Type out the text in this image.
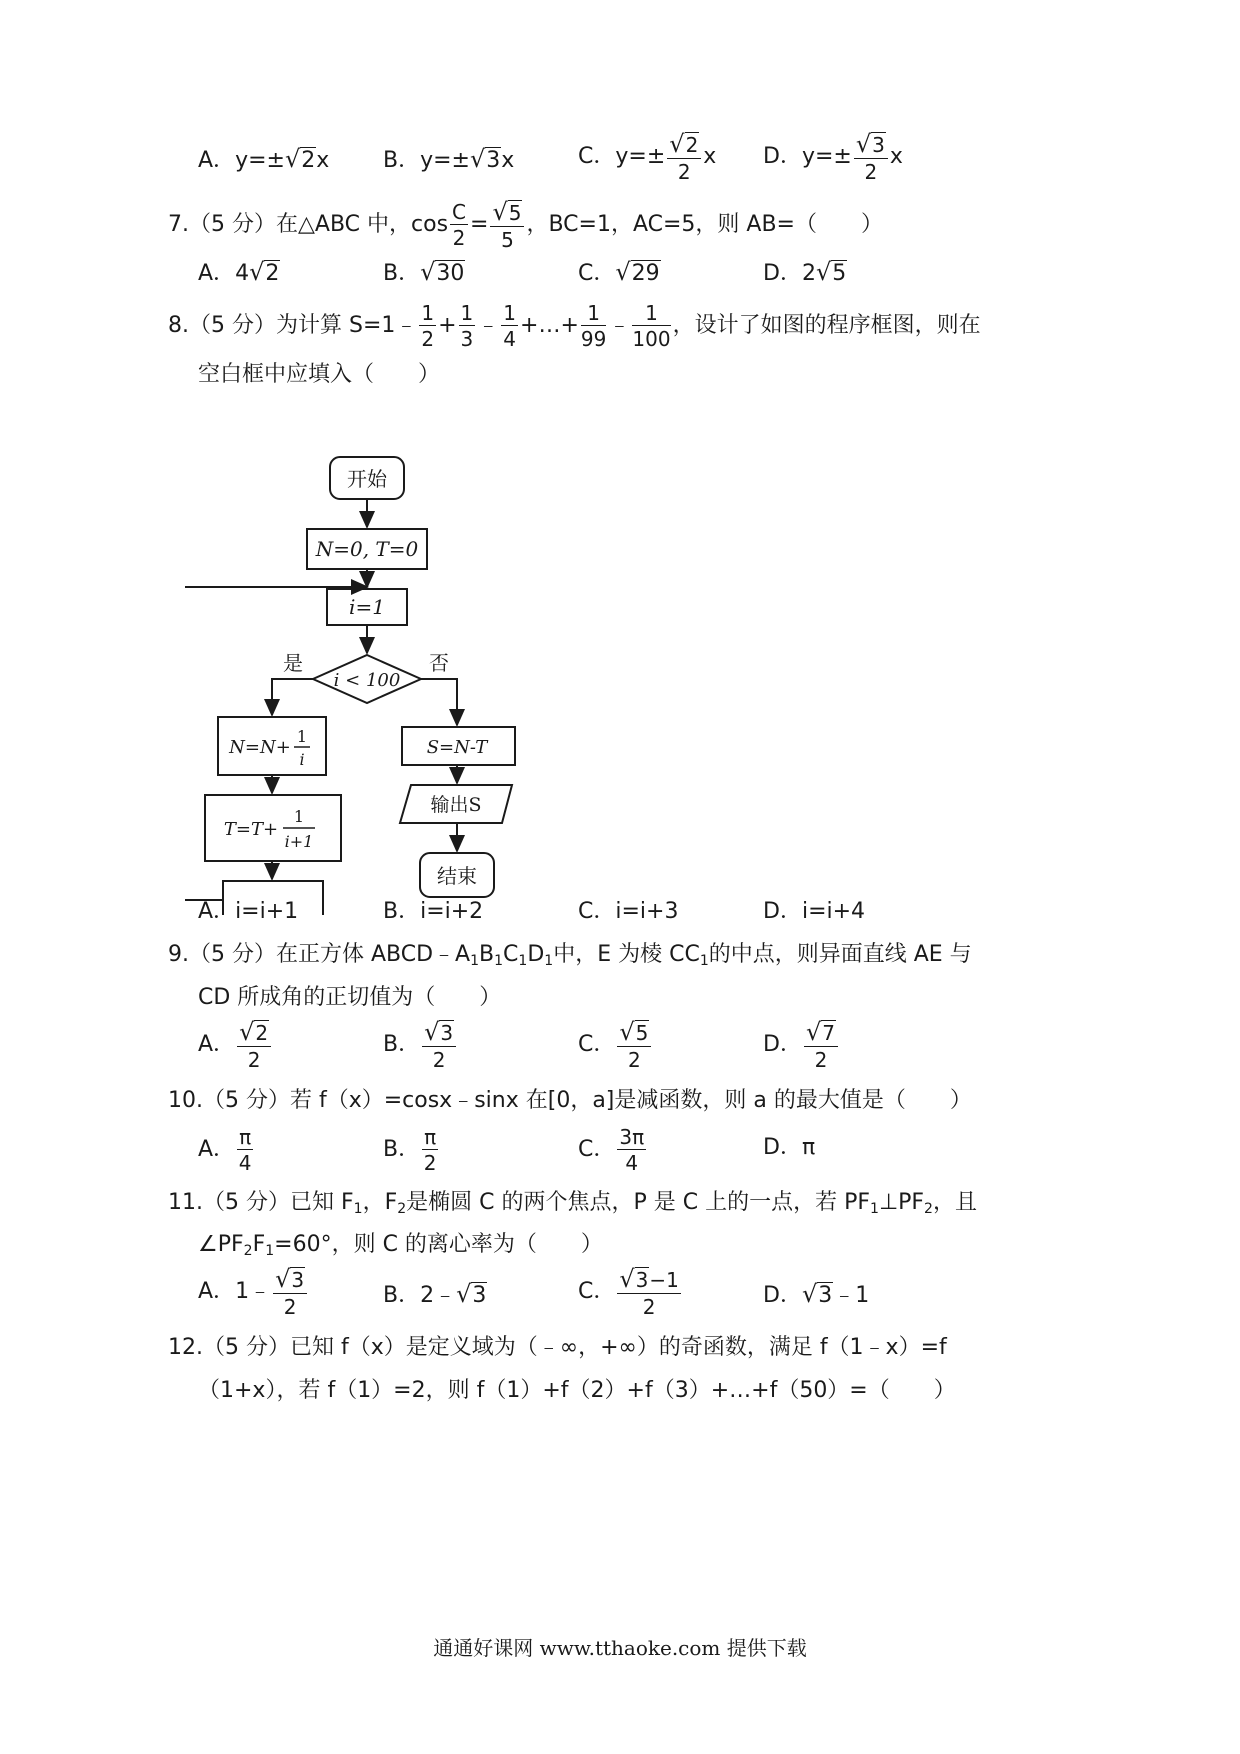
A．y=±√2x B．y=±√3x	C．$y=\pm \frac{√2}{2}$ x D．$y=\pm \frac{√3}{2}$ x
7.（5 分）在△ABC 中，$\cos \frac{C}{2} = \frac{√5}{5}$ ，BC=1，AC=5，则 AB=（　　）
A．4√2	B．√30	C．√29	D．2√5
8.（5 分）为计算 S=1﹣ $\frac{1}{2} + \frac{1}{3}$ ﹣ $\frac{1}{4}$ +…+ $\frac{1}{99}$ ﹣ $\frac{1}{100}$ ，设计了如图的程序框图，则在
空白框中应填入（　　）
开始
N=0, T=0
i=1
i < 100
是	否
N=N+
1
i
T=T+
1
i+1
S=N-T
输出S
结束
A．i=i+1	B．i=i+2	C．i=i+3	D．i=i+4
9.（5 分）在正方体 $ABCD﹣A_1B_1C_1D_1$中，E 为棱 $CC_1$的中点，则异面直线 AE 与
CD 所成角的正切值为（　　）
A． $\frac{√2}{2}$	B． $\frac{√3}{2}$	C． $\frac{√5}{2}$	D． $\frac{√7}{2}$
10.（5 分）若 f（x）=cosx﹣sinx 在[0，a]是减函数，则 a 的最大值是（　　）
A． $\frac{\pi}{4}$	B． $\frac{\pi}{2}$	C． $\frac{3\pi}{4}$	D．π
11.（5 分）已知 $F_1$，$F_2$是椭圆 C 的两个焦点，P 是 C 上的一点，若 $PF_1\perp PF_2$，且
$\angle PF_2F_1=60^\circ$，则 C 的离心率为（　　）
A．1﹣ $\frac{√3}{2}$	B．2﹣√3	C． $\frac{√3-1}{2}$	D．√3﹣1
12.（5 分）已知 f（x）是定义域为（﹣∞，+∞）的奇函数，满足 f（1﹣x）=f
（1+x），若 f（1）=2，则 f（1）+f（2）+f（3）+…+f（50）=（　　）
通通好课网 www.tthaoke.com 提供下载
